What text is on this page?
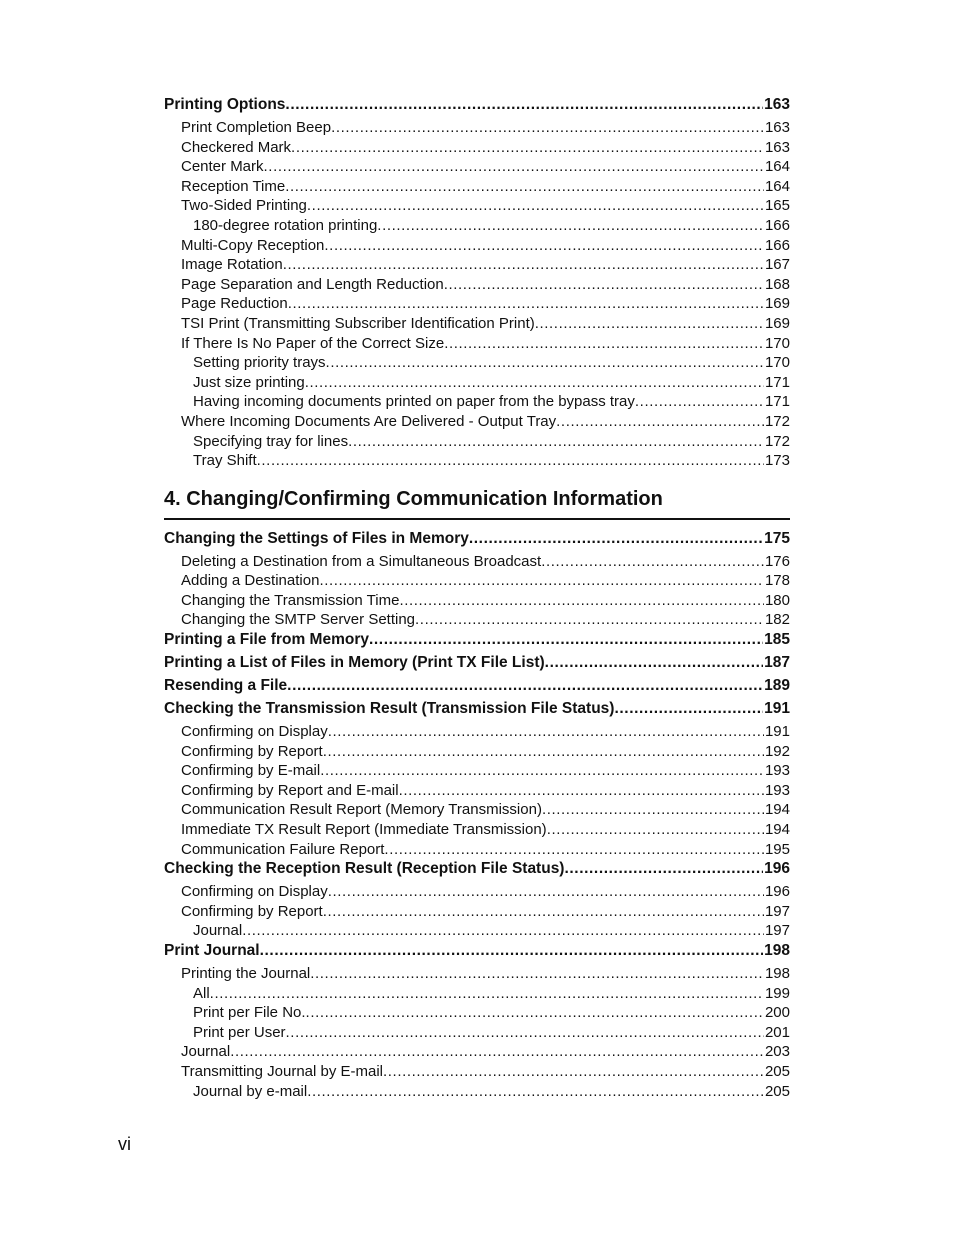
Printing Options .....	163
Print Completion Beep .....	163
Checkered Mark .....	163
Center Mark .....	164
Reception Time .....	164
Two-Sided Printing .....	165
180-degree rotation printing .....	166
Multi-Copy Reception .....	166
Image Rotation .....	167
Page Separation and Length Reduction .....	168
Page Reduction .....	169
TSI Print (Transmitting Subscriber Identification Print) .....	169
If There Is No Paper of the Correct Size .....	170
Setting priority trays .....	170
Just size printing .....	171
Having incoming documents printed on paper from the bypass tray .....	171
Where Incoming Documents Are Delivered - Output Tray .....	172
Specifying tray for lines .....	172
Tray Shift .....	173
4. Changing/Confirming Communication Information
Changing the Settings of Files in Memory .....	175
Deleting a Destination from a Simultaneous Broadcast .....	176
Adding a Destination .....	178
Changing the Transmission Time .....	180
Changing the SMTP Server Setting .....	182
Printing a File from Memory .....	185
Printing a List of Files in Memory (Print TX File List) .....	187
Resending a File .....	189
Checking the Transmission Result (Transmission File Status) .....	191
Confirming on Display .....	191
Confirming by Report .....	192
Confirming by E-mail .....	193
Confirming by Report and E-mail .....	193
Communication Result Report (Memory Transmission) .....	194
Immediate TX Result Report (Immediate Transmission) .....	194
Communication Failure Report .....	195
Checking the Reception Result (Reception File Status) .....	196
Confirming on Display .....	196
Confirming by Report .....	197
Journal .....	197
Print Journal .....	198
Printing the Journal .....	198
All .....	199
Print per File No. .....	200
Print per User .....	201
Journal .....	203
Transmitting Journal by E-mail .....	205
Journal by e-mail .....	205
vi
